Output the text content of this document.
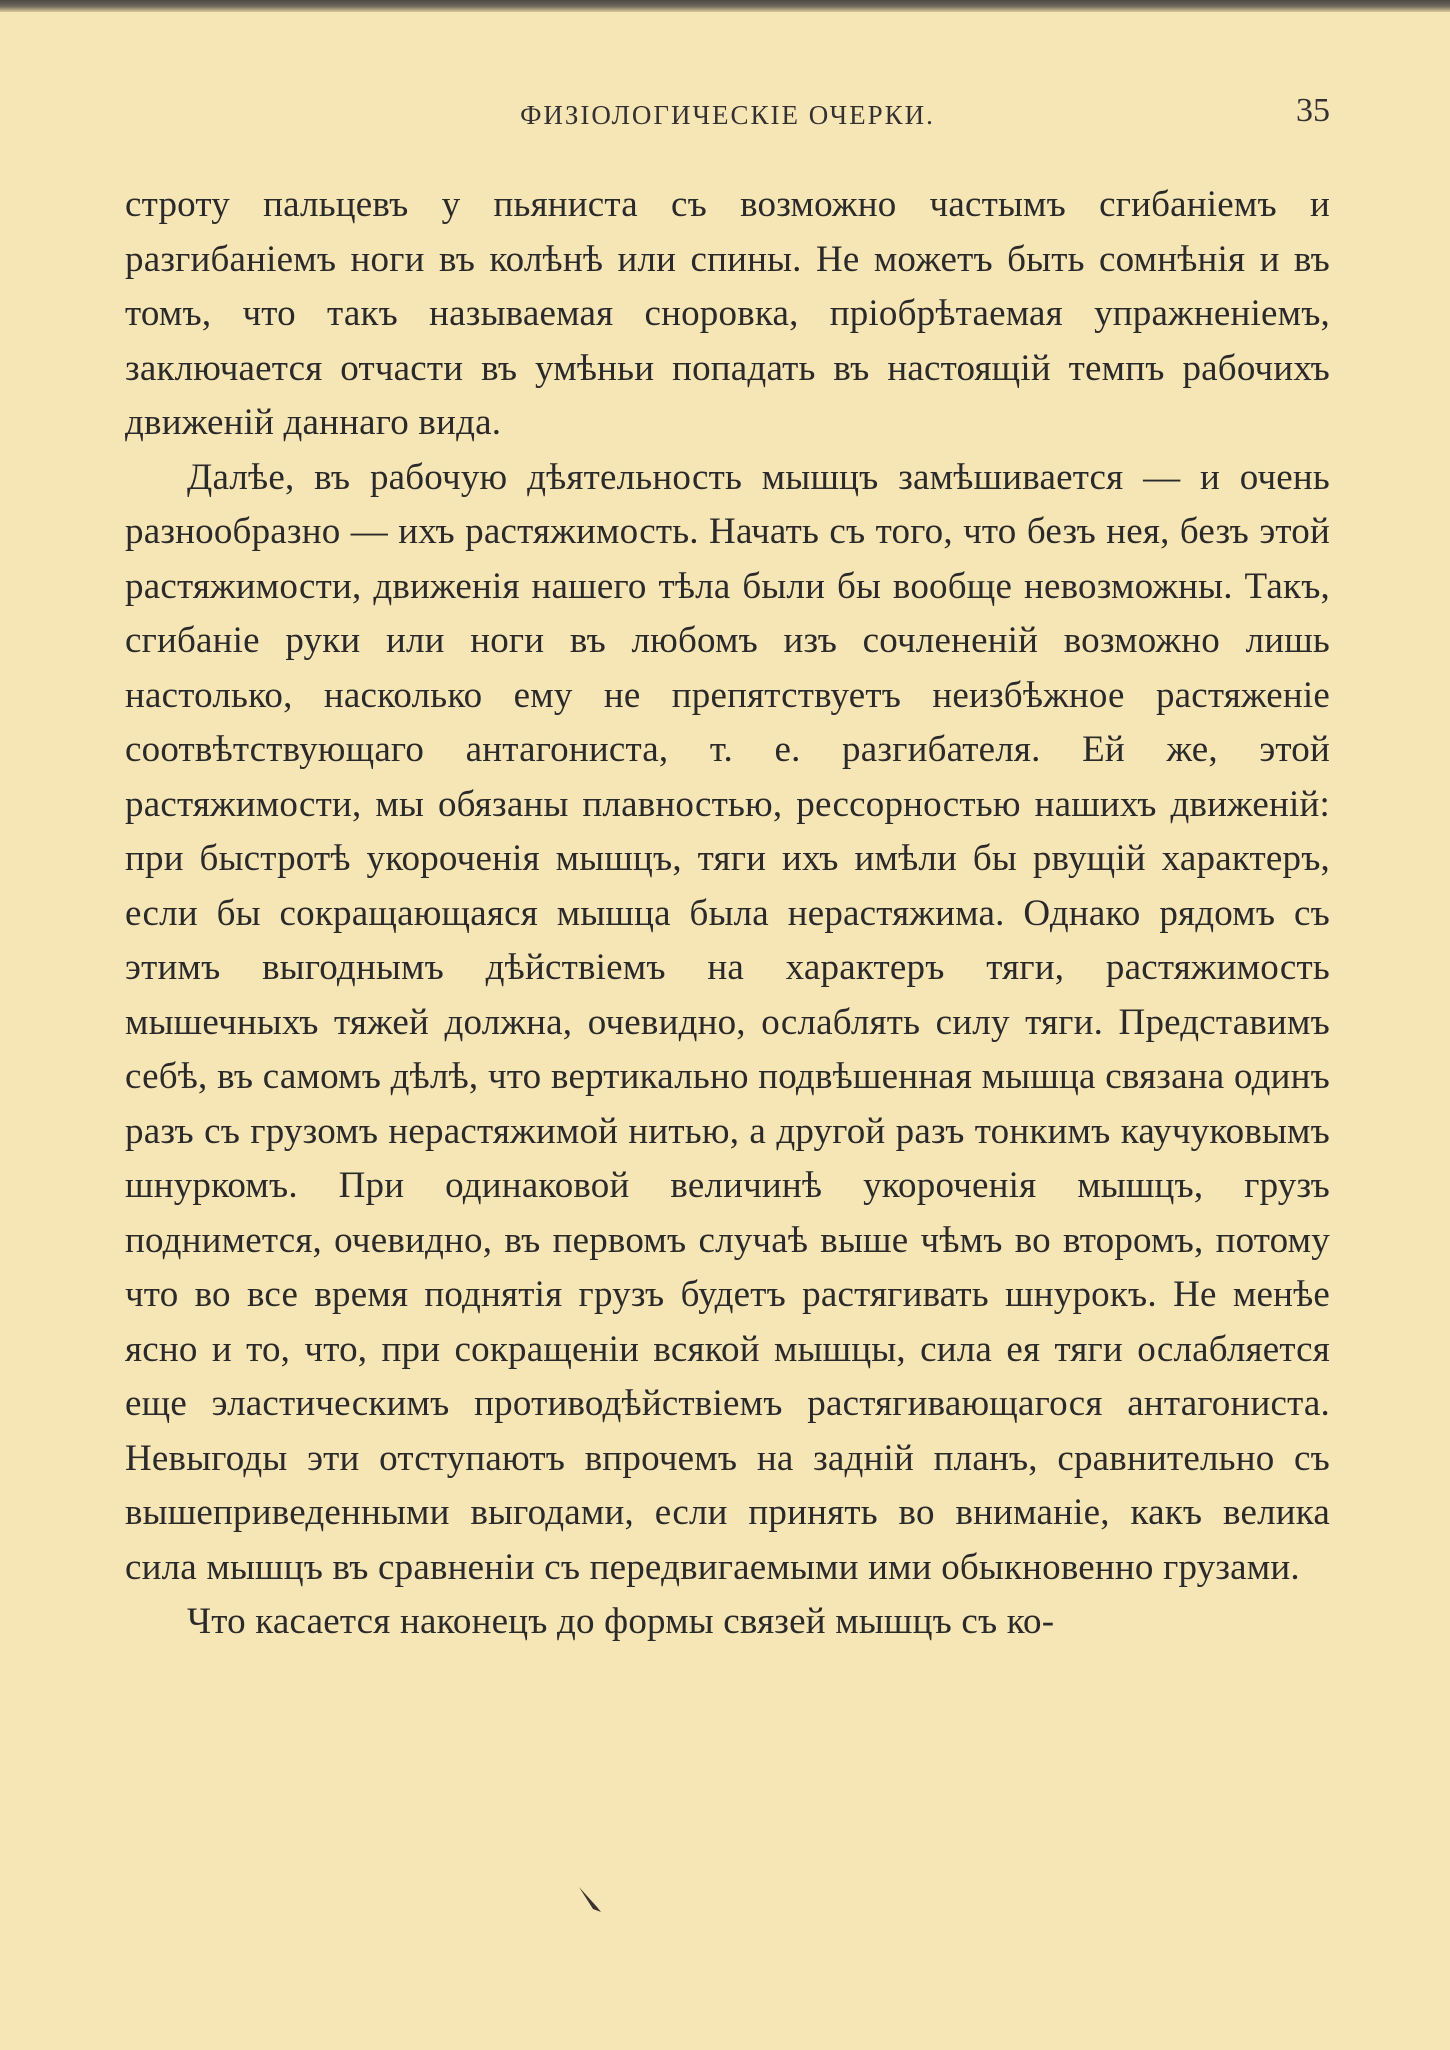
ФИЗІОЛОГИЧЕСКІЕ ОЧЕРКИ.	35

строту пальцевъ у пьяниста съ возможно частымъ сгибаніемъ и разгибаніемъ ноги въ колѣнѣ или спины. Не можетъ быть сомнѣнія и въ томъ, что такъ называемая сноровка, пріобрѣтаемая упражненіемъ, заключается отчасти въ умѣньи попадать въ настоящій темпъ рабочихъ движеній даннаго вида.

Далѣе, въ рабочую дѣятельность мышцъ замѣшивается — и очень разнообразно — ихъ растяжимость. Начать съ того, что безъ нея, безъ этой растяжимости, движенія нашего тѣла были бы вообще невозможны. Такъ, сгибаніе руки или ноги въ любомъ изъ сочлененій возможно лишь настолько, насколько ему не препятствуетъ неизбѣжное растяженіе соотвѣтствующаго антагониста, т. е. разгибателя. Ей же, этой растяжимости, мы обязаны плавностью, рессорностью нашихъ движеній: при быстротѣ укороченія мышцъ, тяги ихъ имѣли бы рвущій характеръ, если бы сокращающаяся мышца была нерастяжима. Однако рядомъ съ этимъ выгоднымъ дѣйствіемъ на характеръ тяги, растяжимость мышечныхъ тяжей должна, очевидно, ослаблять силу тяги. Представимъ себѣ, въ самомъ дѣлѣ, что вертикально подвѣшенная мышца связана одинъ разъ съ грузомъ нерастяжимой нитью, а другой разъ тонкимъ каучуковымъ шнуркомъ. При одинаковой величинѣ укороченія мышцъ, грузъ поднимется, очевидно, въ первомъ случаѣ выше чѣмъ во второмъ, потому что во все время поднятія грузъ будетъ растягивать шнурокъ. Не менѣе ясно и то, что, при сокращеніи всякой мышцы, сила ея тяги ослабляется еще эластическимъ противодѣйствіемъ растягивающагося антагониста. Невыгоды эти отступаютъ впрочемъ на задній планъ, сравнительно съ вышеприведенными выгодами, если принять во вниманіе, какъ велика сила мышцъ въ сравненіи съ передвигаемыми ими обыкновенно грузами.

Что касается наконецъ до формы связей мышцъ съ ко-
